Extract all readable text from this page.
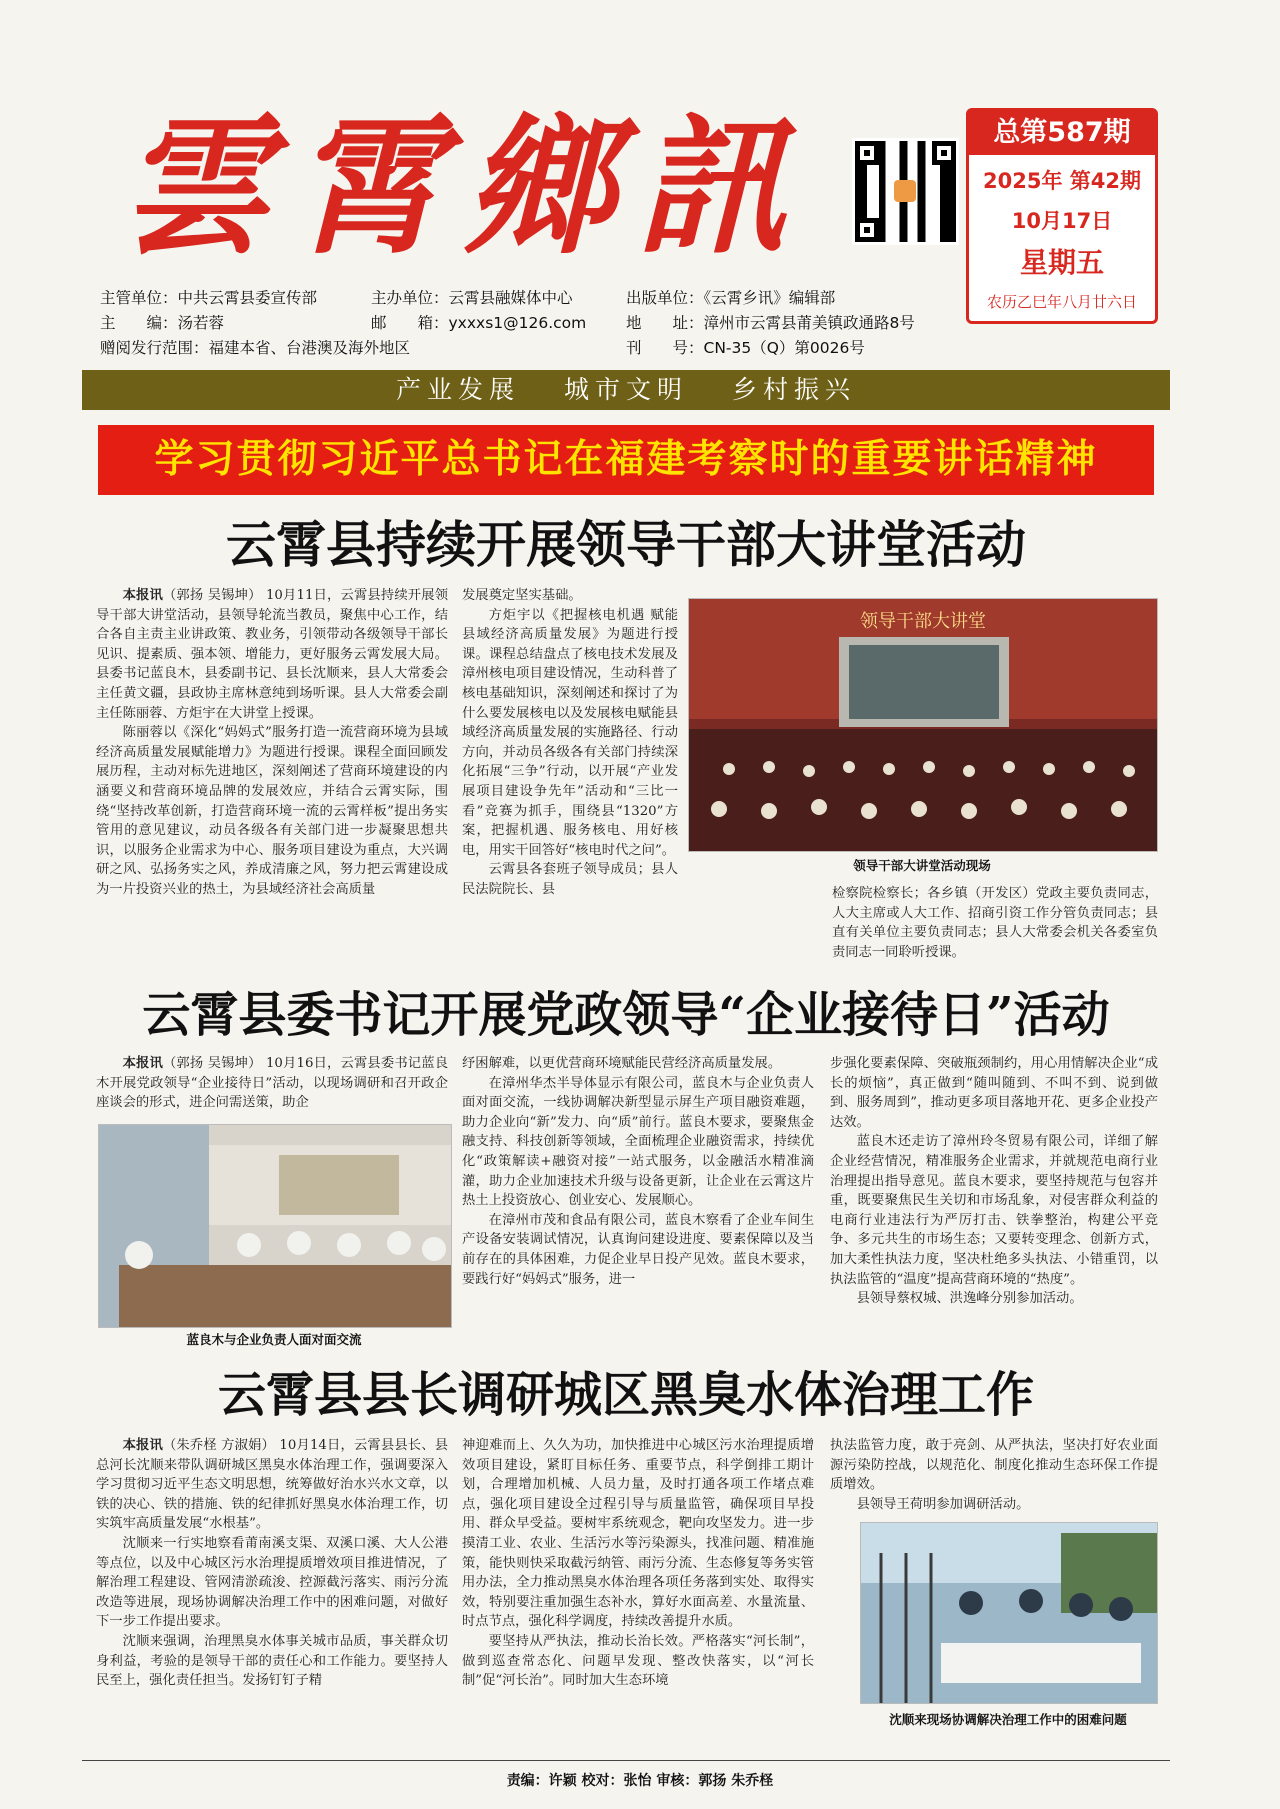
雲霄鄉訊	总第587期
2025年 第42期
10月17日
星期五
农历乙巳年八月廿六日
主管单位：中共云霄县委宣传部	主办单位：云霄县融媒体中心	出版单位：《云霄乡讯》编辑部
主　　编：汤若蓉	邮　　箱：yxxxs1@126.com	地　　址：漳州市云霄县莆美镇政通路8号
赠阅发行范围：福建本省、台港澳及海外地区	刊　　号：CN-35（Q）第0026号
产业发展 城市文明 乡村振兴
学习贯彻习近平总书记在福建考察时的重要讲话精神
云霄县持续开展领导干部大讲堂活动

本报讯（郭扬 吴锡坤） 10月11日，云霄县持续开展领导干部大讲堂活动，县领导轮流当教员，聚焦中心工作，结合各自主责主业讲政策、教业务，引领带动各级领导干部长见识、提素质、强本领、增能力，更好服务云霄发展大局。县委书记蓝良木，县委副书记、县长沈顺来，县人大常委会主任黄文疆，县政协主席林意纯到场听课。县人大常委会副主任陈丽蓉、方炬宇在大讲堂上授课。

陈丽蓉以《深化“妈妈式”服务打造一流营商环境为县域经济高质量发展赋能增力》为题进行授课。课程全面回顾发展历程，主动对标先进地区，深刻阐述了营商环境建设的内涵要义和营商环境品牌的发展效应，并结合云霄实际，围绕“坚持改革创新，打造营商环境一流的云霄样板”提出务实管用的意见建议，动员各级各有关部门进一步凝聚思想共识，以服务企业需求为中心、服务项目建设为重点，大兴调研之风、弘扬务实之风，养成清廉之风，努力把云霄建设成为一片投资兴业的热土，为县域经济社会高质量

发展奠定坚实基础。

方炬宇以《把握核电机遇 赋能县域经济高质量发展》为题进行授课。课程总结盘点了核电技术发展及漳州核电项目建设情况，生动科普了核电基础知识，深刻阐述和探讨了为什么要发展核电以及发展核电赋能县域经济高质量发展的实施路径、行动方向，并动员各级各有关部门持续深化拓展“三争”行动，以开展“产业发展项目建设争先年”活动和“三比一看”竞赛为抓手，围绕县“1320”方案，把握机遇、服务核电、用好核电，用实干回答好“核电时代之问”。

云霄县各套班子领导成员；县人民法院院长、县

领导干部大讲堂
领导干部大讲堂活动现场

检察院检察长；各乡镇（开发区）党政主要负责同志，人大主席或人大工作、招商引资工作分管负责同志；县直有关单位主要负责同志；县人大常委会机关各委室负责同志一同聆听授课。

云霄县委书记开展党政领导“企业接待日”活动

本报讯（郭扬 吴锡坤） 10月16日，云霄县委书记蓝良木开展党政领导“企业接待日”活动，以现场调研和召开政企座谈会的形式，进企问需送策，助企

蓝良木与企业负责人面对面交流

纾困解难，以更优营商环境赋能民营经济高质量发展。

在漳州华杰半导体显示有限公司，蓝良木与企业负责人面对面交流，一线协调解决新型显示屏生产项目融资难题，助力企业向“新”发力、向“质”前行。蓝良木要求，要聚焦金融支持、科技创新等领域，全面梳理企业融资需求，持续优化“政策解读+融资对接”一站式服务，以金融活水精准滴灌，助力企业加速技术升级与设备更新，让企业在云霄这片热土上投资放心、创业安心、发展顺心。

在漳州市茂和食品有限公司，蓝良木察看了企业车间生产设备安装调试情况，认真询问建设进度、要素保障以及当前存在的具体困难，力促企业早日投产见效。蓝良木要求，要践行好“妈妈式”服务，进一

步强化要素保障、突破瓶颈制约，用心用情解决企业“成长的烦恼”，真正做到“随叫随到、不叫不到、说到做到、服务周到”，推动更多项目落地开花、更多企业投产达效。

蓝良木还走访了漳州玲冬贸易有限公司，详细了解企业经营情况，精准服务企业需求，并就规范电商行业治理提出指导意见。蓝良木要求，要坚持规范与包容并重，既要聚焦民生关切和市场乱象，对侵害群众利益的电商行业违法行为严厉打击、铁拳整治，构建公平竞争、多元共生的市场生态；又要转变理念、创新方式，加大柔性执法力度，坚决杜绝多头执法、小错重罚，以执法监管的“温度”提高营商环境的“热度”。

县领导蔡权城、洪逸峰分别参加活动。

云霄县县长调研城区黑臭水体治理工作

本报讯（朱乔柽 方淑娟） 10月14日，云霄县县长、县总河长沈顺来带队调研城区黑臭水体治理工作，强调要深入学习贯彻习近平生态文明思想，统筹做好治水兴水文章，以铁的决心、铁的措施、铁的纪律抓好黑臭水体治理工作，切实筑牢高质量发展“水根基”。

沈顺来一行实地察看莆南溪支渠、双溪口溪、大人公港等点位，以及中心城区污水治理提质增效项目推进情况，了解治理工程建设、管网清淤疏浚、控源截污落实、雨污分流改造等进展，现场协调解决治理工作中的困难问题，对做好下一步工作提出要求。

沈顺来强调，治理黑臭水体事关城市品质，事关群众切身利益，考验的是领导干部的责任心和工作能力。要坚持人民至上，强化责任担当。发扬钉钉子精

神迎难而上、久久为功，加快推进中心城区污水治理提质增效项目建设，紧盯目标任务、重要节点，科学倒排工期计划，合理增加机械、人员力量，及时打通各项工作堵点难点，强化项目建设全过程引导与质量监管，确保项目早投用、群众早受益。要树牢系统观念，靶向攻坚发力。进一步摸清工业、农业、生活污水等污染源头，找准问题、精准施策，能快则快采取截污纳管、雨污分流、生态修复等务实管用办法，全力推动黑臭水体治理各项任务落到实处、取得实效，特别要注重加强生态补水，算好水面高差、水量流量、时点节点，强化科学调度，持续改善提升水质。

要坚持从严执法，推动长治长效。严格落实“河长制”，做到巡查常态化、问题早发现、整改快落实，以“河长制”促“河长治”。同时加大生态环境

执法监管力度，敢于亮剑、从严执法，坚决打好农业面源污染防控战，以规范化、制度化推动生态环保工作提质增效。

县领导王荷明参加调研活动。

沈顺来现场协调解决治理工作中的困难问题
责编：许颖 校对：张怡 审核：郭扬 朱乔柽
